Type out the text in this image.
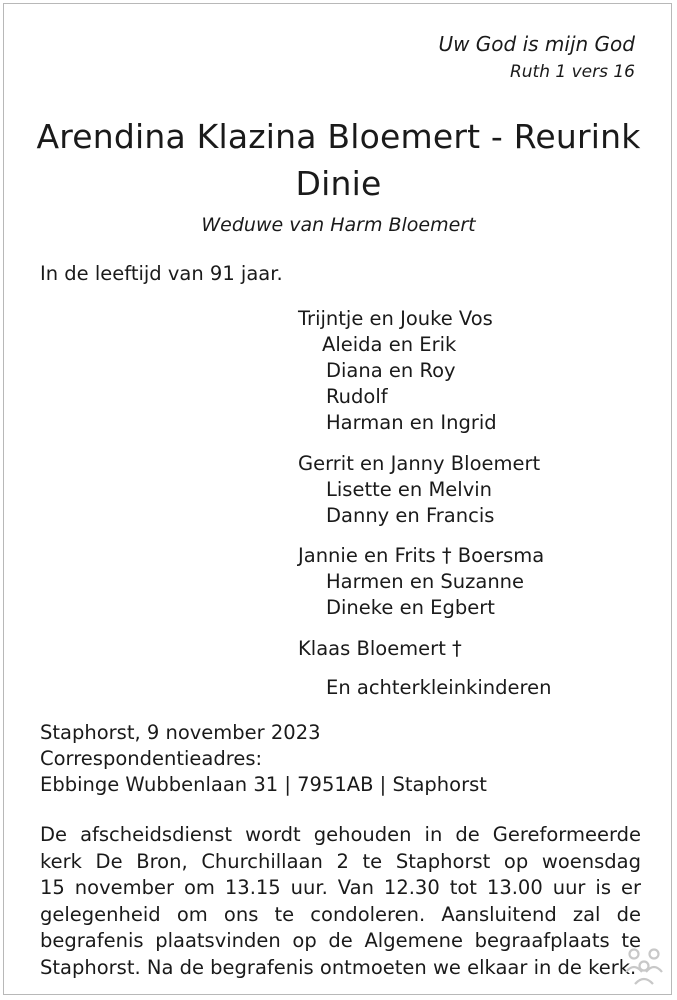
Uw God is mijn God
Ruth 1 vers 16
Arendina Klazina Bloemert - Reurink
Dinie
Weduwe van Harm Bloemert
In de leeftijd van 91 jaar.
Trijntje en Jouke Vos
Aleida en Erik
Diana en Roy
Rudolf
Harman en Ingrid
Gerrit en Janny Bloemert
Lisette en Melvin
Danny en Francis
Jannie en Frits † Boersma
Harmen en Suzanne
Dineke en Egbert
Klaas Bloemert †
En achterkleinkinderen
Staphorst, 9 november 2023
Correspondentieadres:
Ebbinge Wubbenlaan 31 | 7951AB | Staphorst
De afscheidsdienst wordt gehouden in de Gereformeerde
kerk De Bron, Churchillaan 2 te Staphorst op woensdag
15 november om 13.15 uur. Van 12.30 tot 13.00 uur is er
gelegenheid om ons te condoleren. Aansluitend zal de
begrafenis plaatsvinden op de Algemene begraafplaats te
Staphorst. Na de begrafenis ontmoeten we elkaar in de kerk.
